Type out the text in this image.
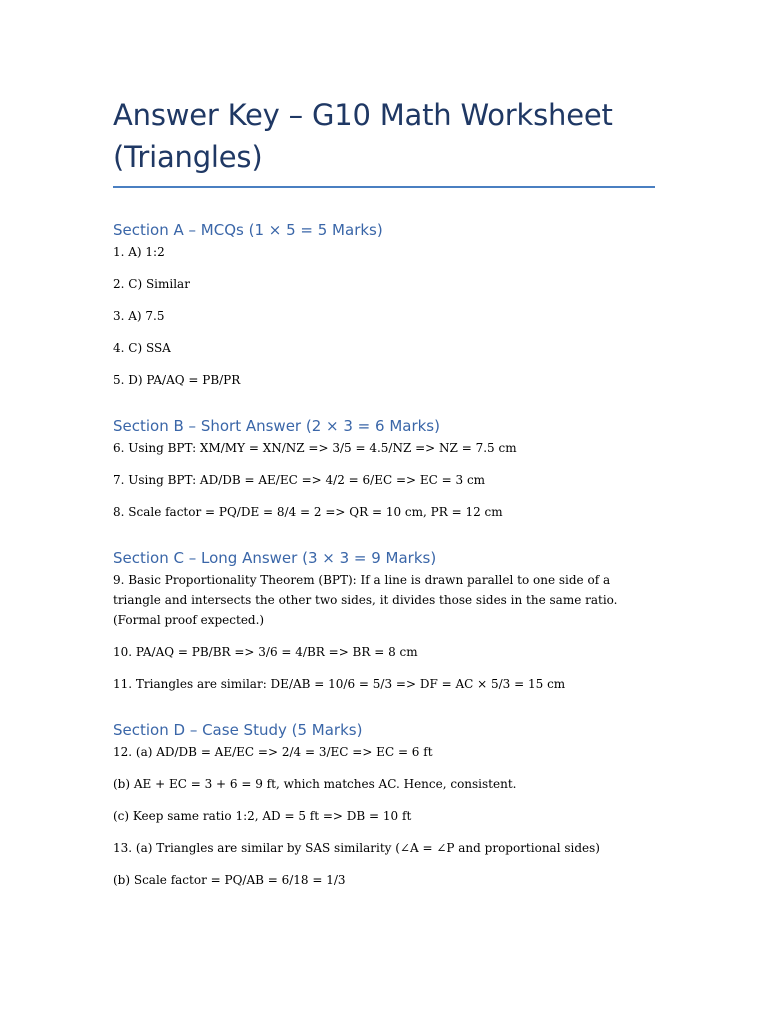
Answer Key – G10 Math Worksheet (Triangles)
Section A – MCQs (1 × 5 = 5 Marks)

1. A) 1:2

2. C) Similar

3. A) 7.5

4. C) SSA

5. D) PA/AQ = PB/PR

Section B – Short Answer (2 × 3 = 6 Marks)

6. Using BPT: XM/MY = XN/NZ => 3/5 = 4.5/NZ => NZ = 7.5 cm

7. Using BPT: AD/DB = AE/EC => 4/2 = 6/EC => EC = 3 cm

8. Scale factor = PQ/DE = 8/4 = 2 => QR = 10 cm, PR = 12 cm

Section C – Long Answer (3 × 3 = 9 Marks)

9. Basic Proportionality Theorem (BPT): If a line is drawn parallel to one side of a triangle and intersects the other two sides, it divides those sides in the same ratio. (Formal proof expected.)

10. PA/AQ = PB/BR => 3/6 = 4/BR => BR = 8 cm

11. Triangles are similar: DE/AB = 10/6 = 5/3 => DF = AC × 5/3 = 15 cm

Section D – Case Study (5 Marks)

12. (a) AD/DB = AE/EC => 2/4 = 3/EC => EC = 6 ft

(b) AE + EC = 3 + 6 = 9 ft, which matches AC. Hence, consistent.

(c) Keep same ratio 1:2, AD = 5 ft => DB = 10 ft

13. (a) Triangles are similar by SAS similarity (∠A = ∠P and proportional sides)

(b) Scale factor = PQ/AB = 6/18 = 1/3
